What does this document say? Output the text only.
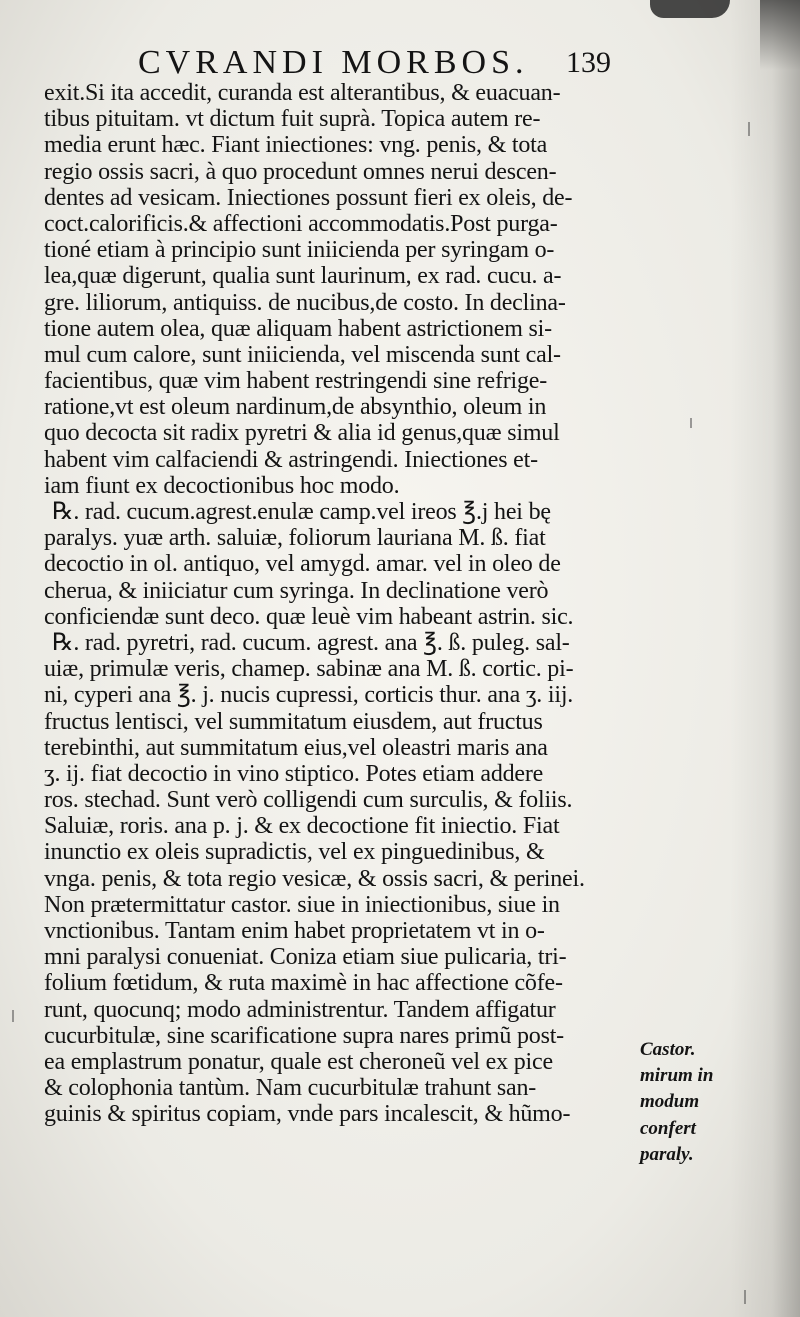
CVRANDI MORBOS. 139
exit.Si ita accedit, curanda est alterantibus, & euacuan-
tibus pituitam. vt dictum fuit suprà. Topica autem re-
media erunt hæc. Fiant iniectiones: vng. penis, & tota
regio ossis sacri, à quo procedunt omnes nerui descen-
dentes ad vesicam. Iniectiones possunt fieri ex oleis, de-
coct.calorificis.& affectioni accommodatis.Post purga-
tioné etiam à principio sunt iniicienda per syringam o-
lea,quæ digerunt, qualia sunt laurinum, ex rad. cucu. a-
gre. liliorum, antiquiss. de nucibus,de costo. In declina-
tione autem olea, quæ aliquam habent astrictionem si-
mul cum calore, sunt iniicienda, vel miscenda sunt cal-
facientibus, quæ vim habent restringendi sine refrige-
ratione,vt est oleum nardinum,de absynthio, oleum in
quo decocta sit radix pyretri & alia id genus,quæ simul
habent vim calfaciendi & astringendi. Iniectiones et-
iam fiunt ex decoctionibus hoc modo.
℞. rad. cucum.agrest.enulæ camp.vel ireos ℥.j hei bę
paralys. yuæ arth. saluiæ, foliorum lauriana M. ß. fiat
decoctio in ol. antiquo, vel amygd. amar. vel in oleo de
cherua, & iniiciatur cum syringa. In declinatione verò
conficiendæ sunt deco. quæ leuè vim habeant astrin. sic.
℞. rad. pyretri, rad. cucum. agrest. ana ℥. ß. puleg. sal-
uiæ, primulæ veris, chamep. sabinæ ana M. ß. cortic. pi-
ni, cyperi ana ℥. j. nucis cupressi, corticis thur. ana ʒ. iij.
fructus lentisci, vel summitatum eiusdem, aut fructus
terebinthi, aut summitatum eius,vel oleastri maris ana
ʒ. ij. fiat decoctio in vino stiptico. Potes etiam addere
ros. stechad. Sunt verò colligendi cum surculis, & foliis.
Saluiæ, roris. ana p. j. & ex decoctione fit iniectio. Fiat
inunctio ex oleis supradictis, vel ex pinguedinibus, &
vnga. penis, & tota regio vesicæ, & ossis sacri, & perinei.
Non prætermittatur castor. siue in iniectionibus, siue in
vnctionibus. Tantam enim habet proprietatem vt in o-
mni paralysi conueniat. Coniza etiam siue pulicaria, tri-
folium fœtidum, & ruta maximè in hac affectione cõfe-
runt, quocunq; modo administrentur. Tandem affigatur
cucurbitulæ, sine scarificatione supra nares primũ post-
ea emplastrum ponatur, quale est cheroneũ vel ex pice
& colophonia tantùm. Nam cucurbitulæ trahunt san-
guinis & spiritus copiam, vnde pars incalescit, & hũmo-
Castor.
mirum in
modum
confert
paraly.
